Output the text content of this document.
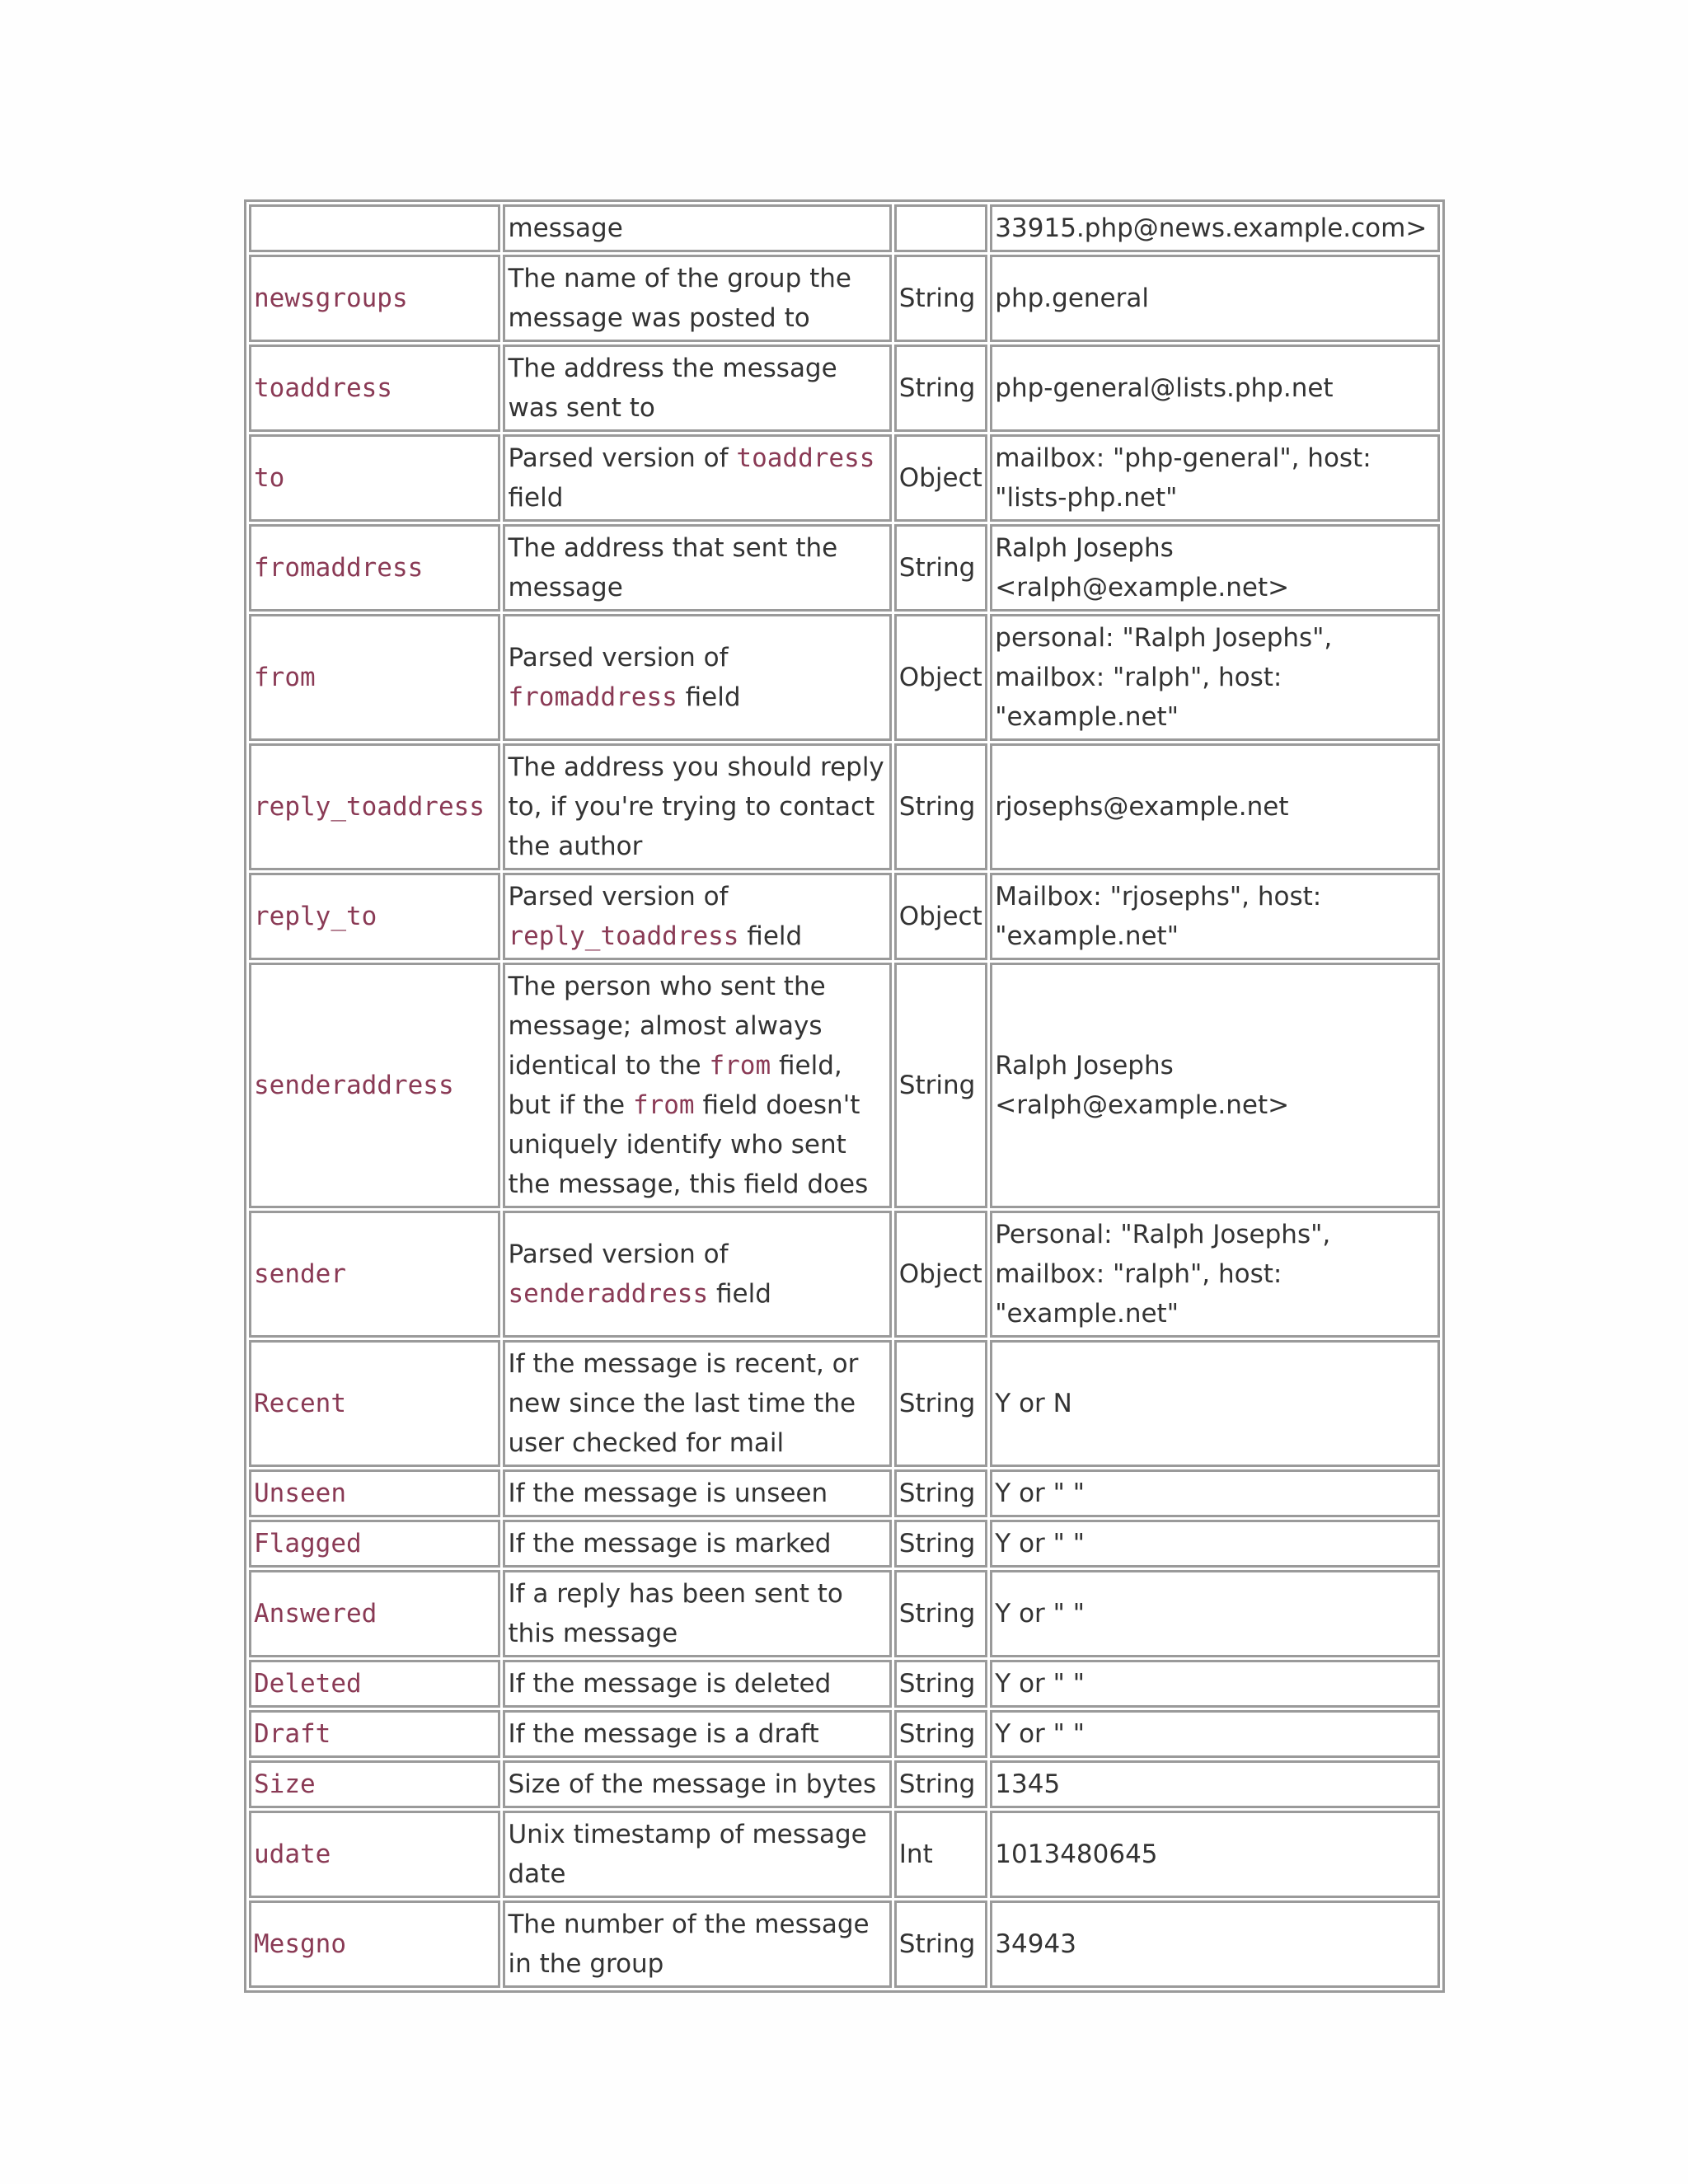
	message		33915.php@news.example.com>
newsgroups	The name of the group the message was posted to	String	php.general
toaddress	The address the message was sent to	String	php-general@lists.php.net
to	Parsed version of toaddress field	Object	mailbox: "php-general", host: "lists-php.net"
fromaddress	The address that sent the message	String	Ralph Josephs <ralph@example.net>
from	Parsed version of fromaddress field	Object	personal: "Ralph Josephs", mailbox: "ralph", host: "example.net"
reply_toaddress	The address you should reply to, if you're trying to contact the author	String	rjosephs@example.net
reply_to	Parsed version of reply_toaddress field	Object	Mailbox: "rjosephs", host: "example.net"
senderaddress	The person who sent the message; almost always identical to the from field, but if the from field doesn't uniquely identify who sent the message, this field does	String	Ralph Josephs <ralph@example.net>
sender	Parsed version of senderaddress field	Object	Personal: "Ralph Josephs", mailbox: "ralph", host: "example.net"
Recent	If the message is recent, or new since the last time the user checked for mail	String	Y or N
Unseen	If the message is unseen	String	Y or " "
Flagged	If the message is marked	String	Y or " "
Answered	If a reply has been sent to this message	String	Y or " "
Deleted	If the message is deleted	String	Y or " "
Draft	If the message is a draft	String	Y or " "
Size	Size of the message in bytes	String	1345
udate	Unix timestamp of message date	Int	1013480645
Mesgno	The number of the message in the group	String	34943
